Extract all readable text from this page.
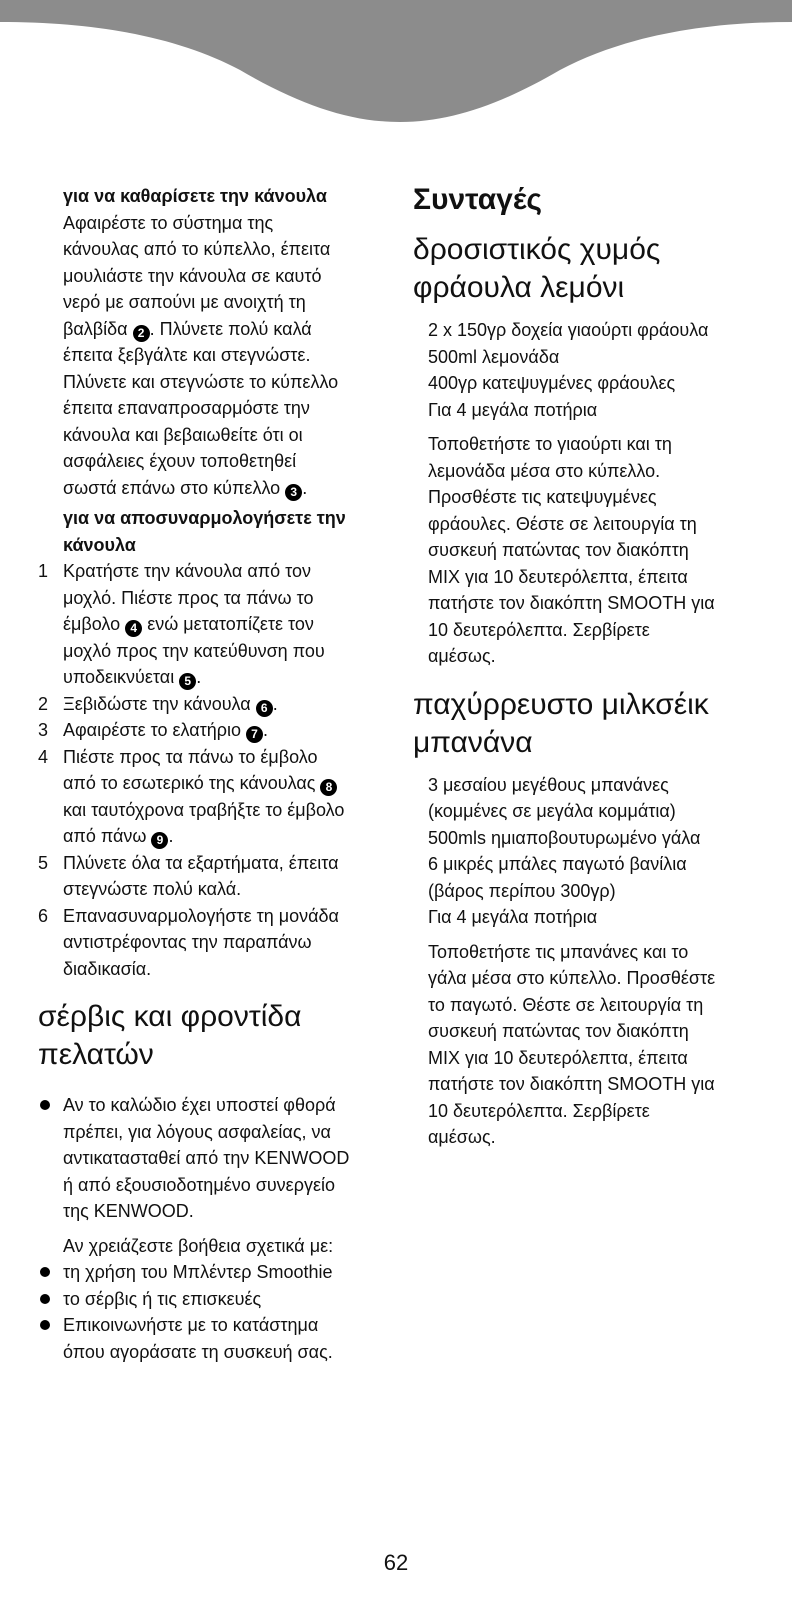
για να καθαρίσετε την κάνουλα
Αφαιρέστε το σύστημα της
κάνουλας από το κύπελλο, έπειτα
μουλιάστε την κάνουλα σε καυτό
νερό με σαπούνι με ανοιχτή τη
βαλβίδα 2 . Πλύνετε πολύ καλά
έπειτα ξεβγάλτε και στεγνώστε.
Πλύνετε και στεγνώστε το κύπελλο
έπειτα επαναπροσαρμόστε την
κάνουλα και βεβαιωθείτε ότι οι
ασφάλειες έχουν τοποθετηθεί
σωστά επάνω στο κύπελλο 3 .
για να αποσυναρμολογήσετε την
κάνουλα
1 Κρατήστε την κάνουλα από τον
μοχλό. Πιέστε προς τα πάνω το
έμβολο 4 ενώ μετατοπίζετε τον
μοχλό προς την κατεύθυνση που
υποδεικνύεται 5 .
2 Ξεβιδώστε την κάνουλα 6 .
3 Αφαιρέστε το ελατήριο 7 .
4 Πιέστε προς τα πάνω το έμβολο
από το εσωτερικό της κάνουλας 8
και ταυτόχρονα τραβήξτε το έμβολο
από πάνω 9 .
5 Πλύνετε όλα τα εξαρτήματα, έπειτα
στεγνώστε πολύ καλά.
6 Επανασυναρμολογήστε τη μονάδα
αντιστρέφοντας την παραπάνω
διαδικασία.
σέρβις και φροντίδα
πελατών
Αν το καλώδιο έχει υποστεί φθορά
πρέπει, για λόγους ασφαλείας, να
αντικατασταθεί από την KENWOOD
ή από εξουσιοδοτημένο συνεργείο
της KENWOOD.
Αν χρειάζεστε βοήθεια σχετικά με:
τη χρήση του Μπλέντερ Smoothie
το σέρβις ή τις επισκευές
Επικοινωνήστε με το κατάστημα
όπου αγοράσατε τη συσκευή σας.
Συνταγές
δροσιστικός χυμός
φράουλα λεμόνι
2 x 150γρ δοχεία γιαούρτι φράουλα
500ml λεμονάδα
400γρ κατεψυγμένες φράουλες
Για 4 μεγάλα ποτήρια
Τοποθετήστε το γιαούρτι και τη
λεμονάδα μέσα στο κύπελλο.
Προσθέστε τις κατεψυγμένες
φράουλες. Θέστε σε λειτουργία τη
συσκευή πατώντας τον διακόπτη
MIX για 10 δευτερόλεπτα, έπειτα
πατήστε τον διακόπτη SMOOTH για
10 δευτερόλεπτα. Σερβίρετε
αμέσως.
παχύρρευστο μιλκσέικ
μπανάνα
3 μεσαίου μεγέθους μπανάνες
(κομμένες σε μεγάλα κομμάτια)
500mls ημιαποβουτυρωμένο γάλα
6 μικρές μπάλες παγωτό βανίλια
(βάρος περίπου 300γρ)
Για 4 μεγάλα ποτήρια
Τοποθετήστε τις μπανάνες και το
γάλα μέσα στο κύπελλο. Προσθέστε
το παγωτό. Θέστε σε λειτουργία τη
συσκευή πατώντας τον διακόπτη
MIX για 10 δευτερόλεπτα, έπειτα
πατήστε τον διακόπτη SMOOTH για
10 δευτερόλεπτα. Σερβίρετε
αμέσως.
62
